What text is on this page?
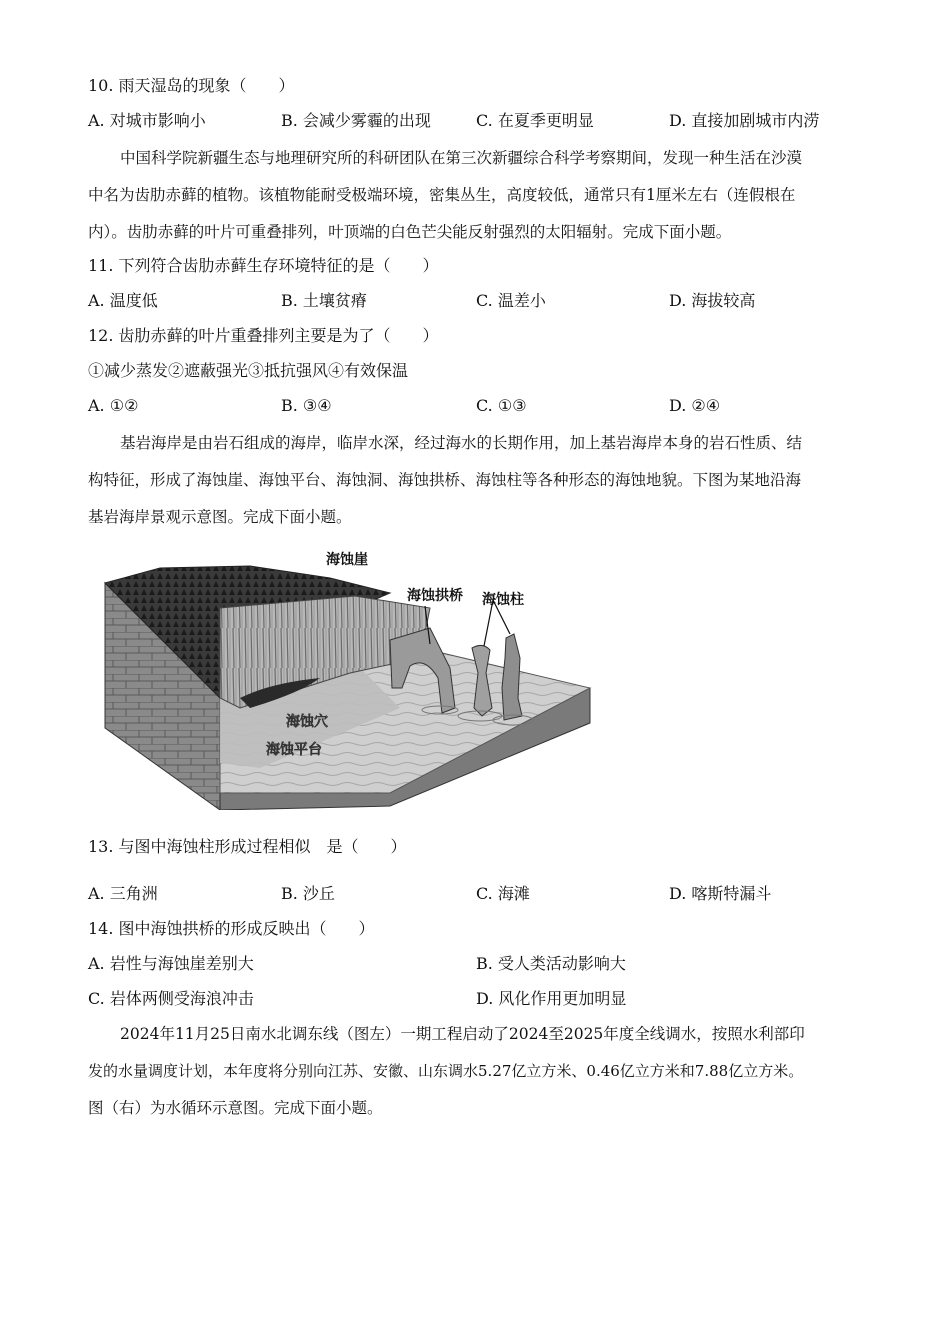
10. 雨天湿岛的现象（　　）
A. 对城市影响小	B. 会减少雾霾的出现	C. 在夏季更明显	D. 直接加剧城市内涝
中国科学院新疆生态与地理研究所的科研团队在第三次新疆综合科学考察期间，发现一种生活在沙漠
中名为齿肋赤藓的植物。该植物能耐受极端环境，密集丛生，高度较低，通常只有1厘米左右（连假根在
内）。齿肋赤藓的叶片可重叠排列，叶顶端的白色芒尖能反射强烈的太阳辐射。完成下面小题。
11. 下列符合齿肋赤藓生存环境特征的是（　　）
A. 温度低	B. 土壤贫瘠	C. 温差小	D. 海拔较高
12. 齿肋赤藓的叶片重叠排列主要是为了（　　）
①减少蒸发②遮蔽强光③抵抗强风④有效保温
A. ①②	B. ③④	C. ①③	D. ②④
基岩海岸是由岩石组成的海岸，临岸水深，经过海水的长期作用，加上基岩海岸本身的岩石性质、结
构特征，形成了海蚀崖、海蚀平台、海蚀洞、海蚀拱桥、海蚀柱等各种形态的海蚀地貌。下图为某地沿海
基岩海岸景观示意图。完成下面小题。
海蚀崖
海蚀拱桥 海蚀柱
海蚀穴
海蚀平台
13. 与图中海蚀柱形成过程相似　是（　　）
A. 三角洲	B. 沙丘	C. 海滩	D. 喀斯特漏斗
14. 图中海蚀拱桥的形成反映出（　　）
A. 岩性与海蚀崖差别大	B. 受人类活动影响大
C. 岩体两侧受海浪冲击	D. 风化作用更加明显
2024年11月25日南水北调东线（图左）一期工程启动了2024至2025年度全线调水，按照水利部印
发的水量调度计划，本年度将分别向江苏、安徽、山东调水5.27亿立方米、0.46亿立方米和7.88亿立方米。
图（右）为水循环示意图。完成下面小题。
